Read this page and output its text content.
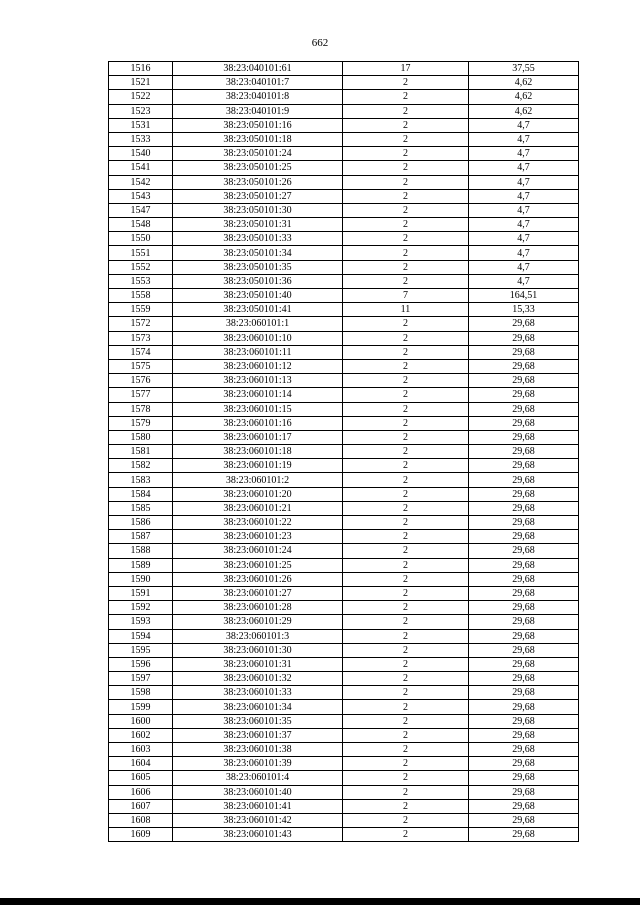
662
1516	38:23:040101:61	17	37,55
1521	38:23:040101:7	2	4,62
1522	38:23:040101:8	2	4,62
1523	38:23:040101:9	2	4,62
1531	38:23:050101:16	2	4,7
1533	38:23:050101:18	2	4,7
1540	38:23:050101:24	2	4,7
1541	38:23:050101:25	2	4,7
1542	38:23:050101:26	2	4,7
1543	38:23:050101:27	2	4,7
1547	38:23:050101:30	2	4,7
1548	38:23:050101:31	2	4,7
1550	38:23:050101:33	2	4,7
1551	38:23:050101:34	2	4,7
1552	38:23:050101:35	2	4,7
1553	38:23:050101:36	2	4,7
1558	38:23:050101:40	7	164,51
1559	38:23:050101:41	11	15,33
1572	38:23:060101:1	2	29,68
1573	38:23:060101:10	2	29,68
1574	38:23:060101:11	2	29,68
1575	38:23:060101:12	2	29,68
1576	38:23:060101:13	2	29,68
1577	38:23:060101:14	2	29,68
1578	38:23:060101:15	2	29,68
1579	38:23:060101:16	2	29,68
1580	38:23:060101:17	2	29,68
1581	38:23:060101:18	2	29,68
1582	38:23:060101:19	2	29,68
1583	38:23:060101:2	2	29,68
1584	38:23:060101:20	2	29,68
1585	38:23:060101:21	2	29,68
1586	38:23:060101:22	2	29,68
1587	38:23:060101:23	2	29,68
1588	38:23:060101:24	2	29,68
1589	38:23:060101:25	2	29,68
1590	38:23:060101:26	2	29,68
1591	38:23:060101:27	2	29,68
1592	38:23:060101:28	2	29,68
1593	38:23:060101:29	2	29,68
1594	38:23:060101:3	2	29,68
1595	38:23:060101:30	2	29,68
1596	38:23:060101:31	2	29,68
1597	38:23:060101:32	2	29,68
1598	38:23:060101:33	2	29,68
1599	38:23:060101:34	2	29,68
1600	38:23:060101:35	2	29,68
1602	38:23:060101:37	2	29,68
1603	38:23:060101:38	2	29,68
1604	38:23:060101:39	2	29,68
1605	38:23:060101:4	2	29,68
1606	38:23:060101:40	2	29,68
1607	38:23:060101:41	2	29,68
1608	38:23:060101:42	2	29,68
1609	38:23:060101:43	2	29,68
